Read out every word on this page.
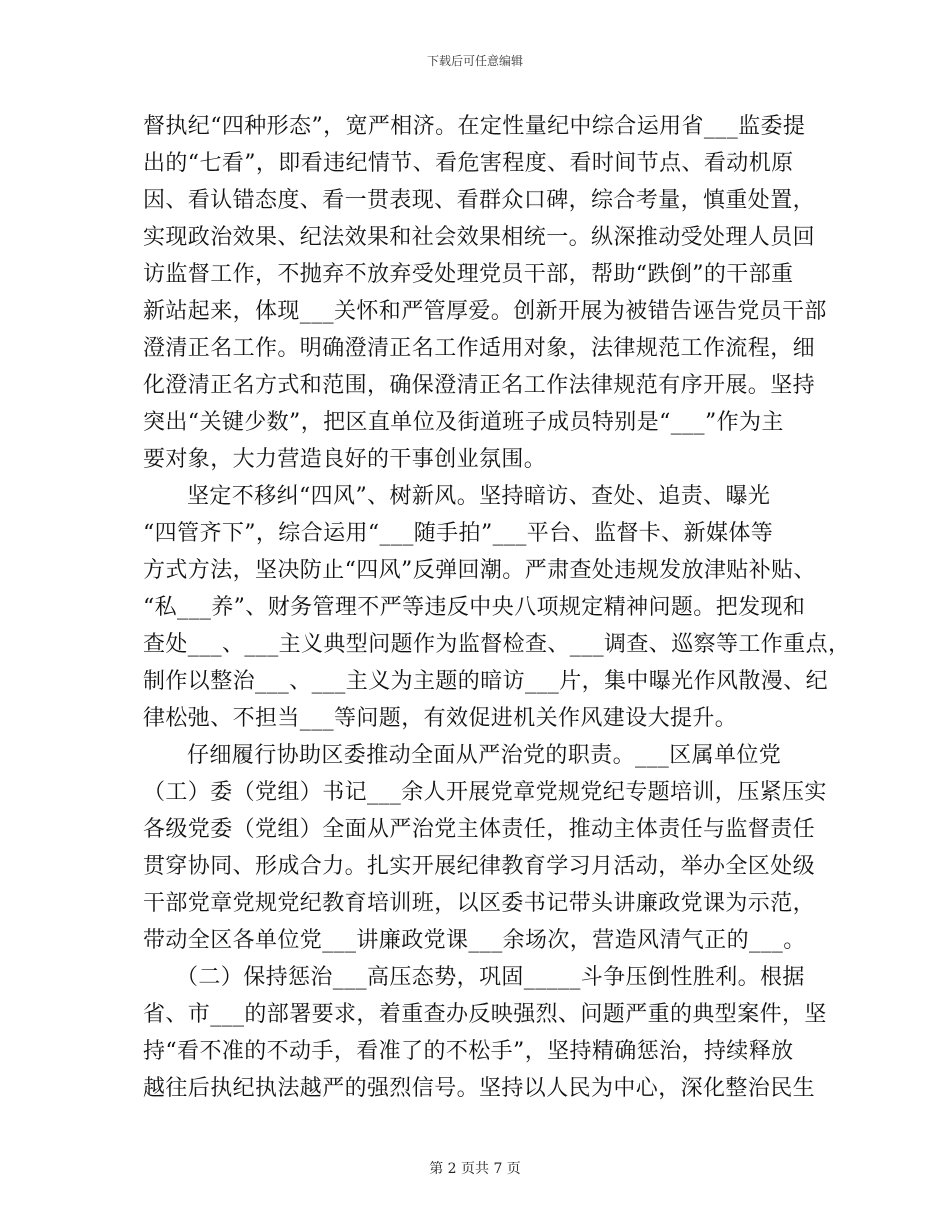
下载后可任意编辑
督执纪“四种形态”，宽严相济。在定性量纪中综合运用省___监委提
出的“七看”，即看违纪情节、看危害程度、看时间节点、看动机原
因、看认错态度、看一贯表现、看群众口碑，综合考量，慎重处置，
实现政治效果、纪法效果和社会效果相统一。纵深推动受处理人员回
访监督工作，不抛弃不放弃受处理党员干部，帮助“跌倒”的干部重
新站起来，体现___关怀和严管厚爱。创新开展为被错告诬告党员干部
澄清正名工作。明确澄清正名工作适用对象，法律规范工作流程，细
化澄清正名方式和范围，确保澄清正名工作法律规范有序开展。坚持
突出“关键少数”，把区直单位及街道班子成员特别是“___”作为主
要对象，大力营造良好的干事创业氛围。
坚定不移纠“四风”、树新风。坚持暗访、查处、追责、曝光
“四管齐下”，综合运用“___随手拍”___平台、监督卡、新媒体等
方式方法，坚决防止“四风”反弹回潮。严肃查处违规发放津贴补贴、
“私___养”、财务管理不严等违反中央八项规定精神问题。把发现和
查处___、___主义典型问题作为监督检查、___调查、巡察等工作重点，
制作以整治___、___主义为主题的暗访___片，集中曝光作风散漫、纪
律松弛、不担当___等问题，有效促进机关作风建设大提升。
仔细履行协助区委推动全面从严治党的职责。___区属单位党
（工）委（党组）书记___余人开展党章党规党纪专题培训，压紧压实
各级党委（党组）全面从严治党主体责任，推动主体责任与监督责任
贯穿协同、形成合力。扎实开展纪律教育学习月活动，举办全区处级
干部党章党规党纪教育培训班，以区委书记带头讲廉政党课为示范，
带动全区各单位党___讲廉政党课___余场次，营造风清气正的___。
（二）保持惩治___高压态势，巩固_____斗争压倒性胜利。根据
省、市___的部署要求，着重查办反映强烈、问题严重的典型案件，坚
持“看不准的不动手，看准了的不松手”，坚持精确惩治，持续释放
越往后执纪执法越严的强烈信号。坚持以人民为中心，深化整治民生
第 2 页共 7 页
